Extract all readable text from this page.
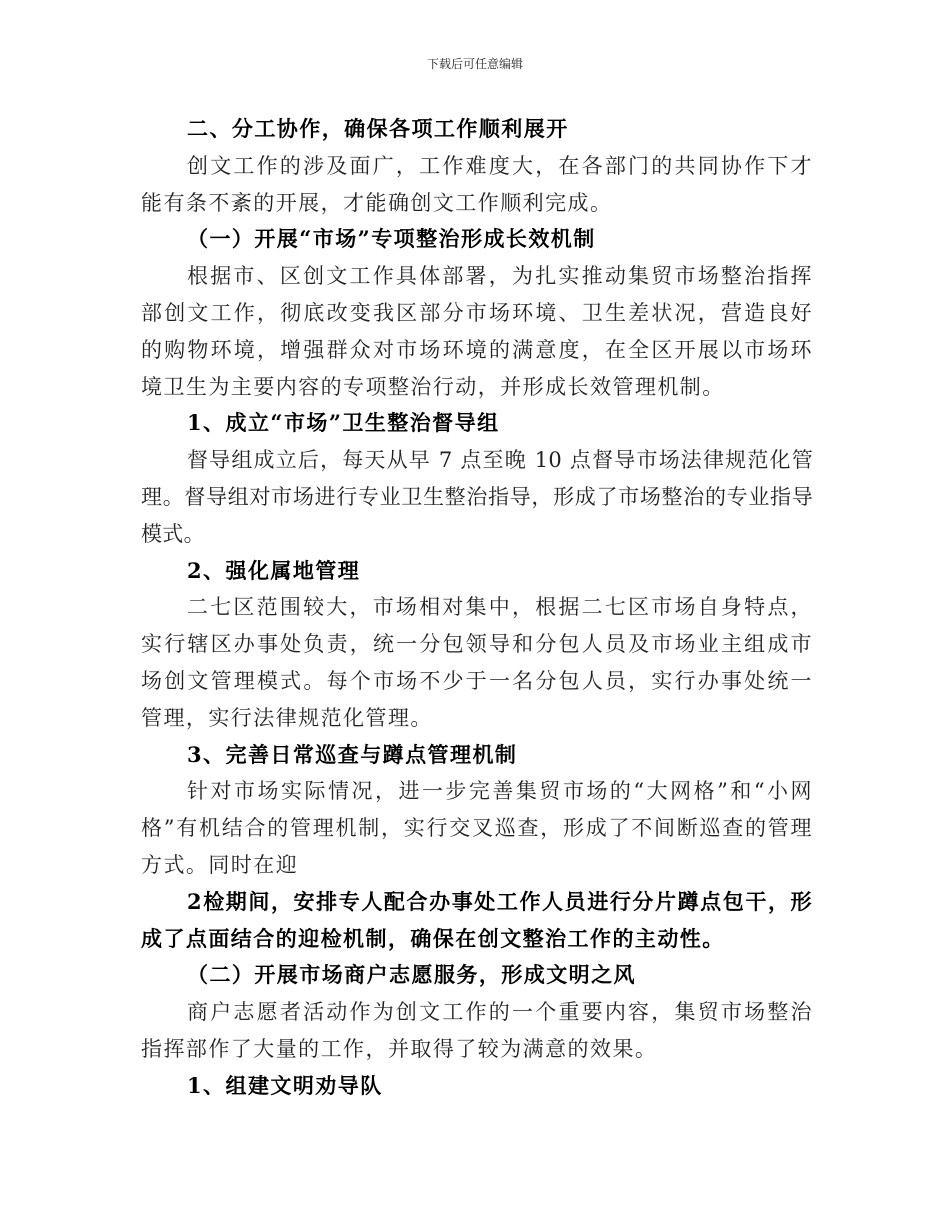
下载后可任意编辑

二、分工协作，确保各项工作顺利展开

创文工作的涉及面广，工作难度大，在各部门的共同协作下才能有条不紊的开展，才能确创文工作顺利完成。

（一）开展“市场”专项整治形成长效机制

根据市、区创文工作具体部署，为扎实推动集贸市场整治指挥部创文工作，彻底改变我区部分市场环境、卫生差状况，营造良好的购物环境，增强群众对市场环境的满意度，在全区开展以市场环境卫生为主要内容的专项整治行动，并形成长效管理机制。

1、成立“市场”卫生整治督导组

督导组成立后，每天从早 7 点至晚 10 点督导市场法律规范化管理。督导组对市场进行专业卫生整治指导，形成了市场整治的专业指导模式。

2、强化属地管理

二七区范围较大，市场相对集中，根据二七区市场自身特点，实行辖区办事处负责，统一分包领导和分包人员及市场业主组成市场创文管理模式。每个市场不少于一名分包人员，实行办事处统一管理，实行法律规范化管理。

3、完善日常巡查与蹲点管理机制

针对市场实际情况，进一步完善集贸市场的“大网格”和“小网格”有机结合的管理机制，实行交叉巡查，形成了不间断巡查的管理方式。同时在迎

2检期间，安排专人配合办事处工作人员进行分片蹲点包干，形成了点面结合的迎检机制，确保在创文整治工作的主动性。

（二）开展市场商户志愿服务，形成文明之风

商户志愿者活动作为创文工作的一个重要内容，集贸市场整治指挥部作了大量的工作，并取得了较为满意的效果。

1、组建文明劝导队
